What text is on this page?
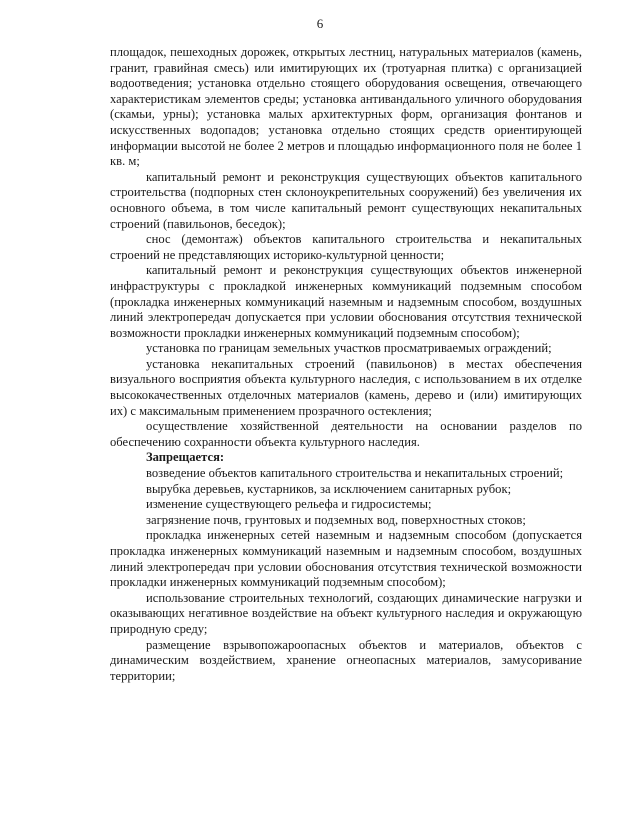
6

площадок, пешеходных дорожек, открытых лестниц, натуральных материалов (камень, гранит, гравийная смесь) или имитирующих их (тротуарная плитка) с организацией водоотведения; установка отдельно стоящего оборудования освещения, отвечающего характеристикам элементов среды; установка антивандального уличного оборудования (скамьи, урны); установка малых архитектурных форм, организация фонтанов и искусственных водопадов; установка отдельно стоящих средств ориентирующей информации высотой не более 2 метров и площадью информационного поля не более 1 кв. м;

капитальный ремонт и реконструкция существующих объектов капитального строительства (подпорных стен склоноукрепительных сооружений) без увеличения их основного объема, в том числе капитальный ремонт существующих некапитальных строений (павильонов, беседок);

снос (демонтаж) объектов капитального строительства и некапитальных строений не представляющих историко-культурной ценности;

капитальный ремонт и реконструкция существующих объектов инженерной инфраструктуры с прокладкой инженерных коммуникаций подземным способом (прокладка инженерных коммуникаций наземным и надземным способом, воздушных линий электропередач допускается при условии обоснования отсутствия технической возможности прокладки инженерных коммуникаций подземным способом);

установка по границам земельных участков просматриваемых ограждений;

установка некапитальных строений (павильонов) в местах обеспечения визуального восприятия объекта культурного наследия, с использованием в их отделке высококачественных отделочных материалов (камень, дерево и (или) имитирующих их) с максимальным применением прозрачного остекления;

осуществление хозяйственной деятельности на основании разделов по обеспечению сохранности объекта культурного наследия.

Запрещается:

возведение объектов капитального строительства и некапитальных строений;

вырубка деревьев, кустарников, за исключением санитарных рубок;

изменение существующего рельефа и гидросистемы;

загрязнение почв, грунтовых и подземных вод, поверхностных стоков;

прокладка инженерных сетей наземным и надземным способом (допускается прокладка инженерных коммуникаций наземным и надземным способом, воздушных линий электропередач при условии обоснования отсутствия технической возможности прокладки инженерных коммуникаций подземным способом);

использование строительных технологий, создающих динамические нагрузки и оказывающих негативное воздействие на объект культурного наследия и окружающую природную среду;

размещение взрывопожароопасных объектов и материалов, объектов с динамическим воздействием, хранение огнеопасных материалов, замусоривание территории;
